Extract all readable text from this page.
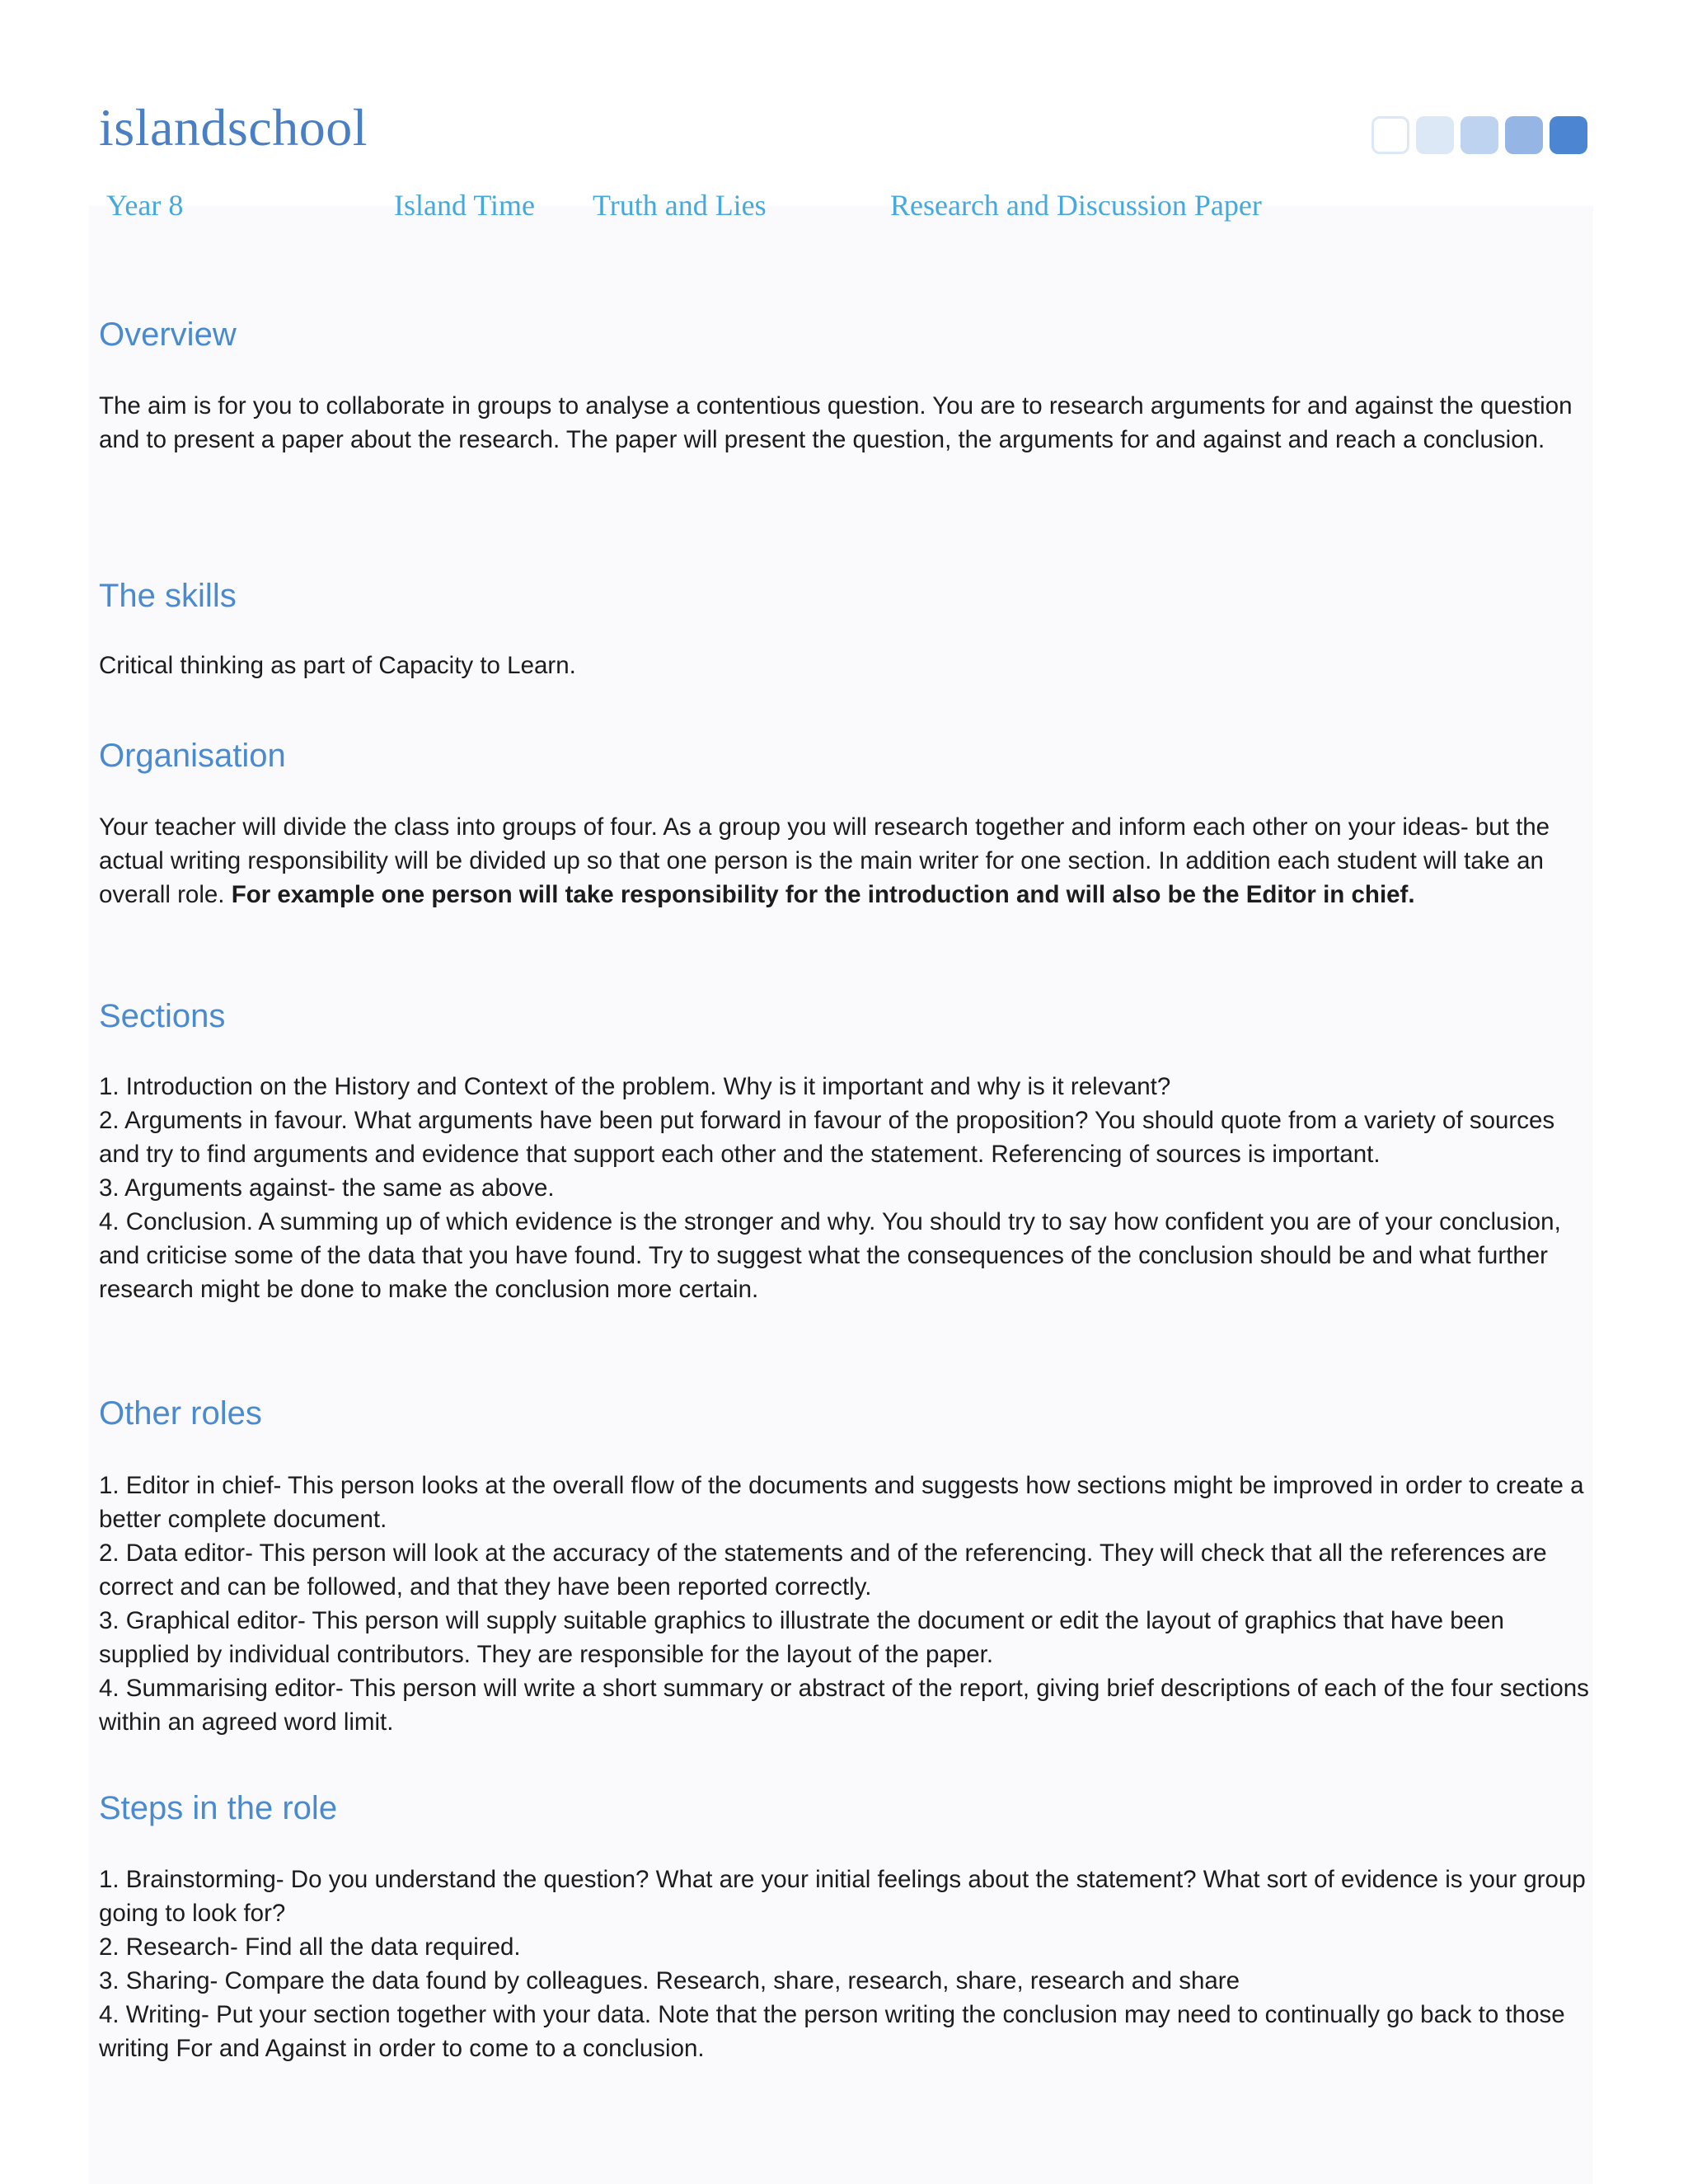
islandschool
Year 8	Island Time Truth and Lies	Research and Discussion Paper
Overview

The aim is for you to collaborate in groups to analyse a contentious question. You are to research arguments for and against the question and to present a paper about the research. The paper will present the question, the arguments for and against and reach a conclusion.

The skills

Critical thinking as part of Capacity to Learn.

Organisation

Your teacher will divide the class into groups of four. As a group you will research together and inform each other on your ideas- but the actual writing responsibility will be divided up so that one person is the main writer for one section. In addition each student will take an overall role. For example one person will take responsibility for the introduction and will also be the Editor in chief.

Sections

1. Introduction on the History and Context of the problem. Why is it important and why is it relevant?

2. Arguments in favour. What arguments have been put forward in favour of the proposition? You should quote from a variety of sources and try to find arguments and evidence that support each other and the statement. Referencing of sources is important.

3. Arguments against- the same as above.

4. Conclusion. A summing up of which evidence is the stronger and why. You should try to say how confident you are of your conclusion, and criticise some of the data that you have found. Try to suggest what the consequences of the conclusion should be and what further research might be done to make the conclusion more certain.

Other roles

1. Editor in chief- This person looks at the overall flow of the documents and suggests how sections might be improved in order to create a better complete document.

2. Data editor- This person will look at the accuracy of the statements and of the referencing. They will check that all the references are correct and can be followed, and that they have been reported correctly.

3. Graphical editor- This person will supply suitable graphics to illustrate the document or edit the layout of graphics that have been supplied by individual contributors. They are responsible for the layout of the paper.

4. Summarising editor- This person will write a short summary or abstract of the report, giving brief descriptions of each of the four sections within an agreed word limit.

Steps in the role

1. Brainstorming- Do you understand the question? What are your initial feelings about the statement? What sort of evidence is your group going to look for?

2. Research- Find all the data required.

3. Sharing- Compare the data found by colleagues. Research, share, research, share, research and share

4. Writing- Put your section together with your data. Note that the person writing the conclusion may need to continually go back to those writing For and Against in order to come to a conclusion.
